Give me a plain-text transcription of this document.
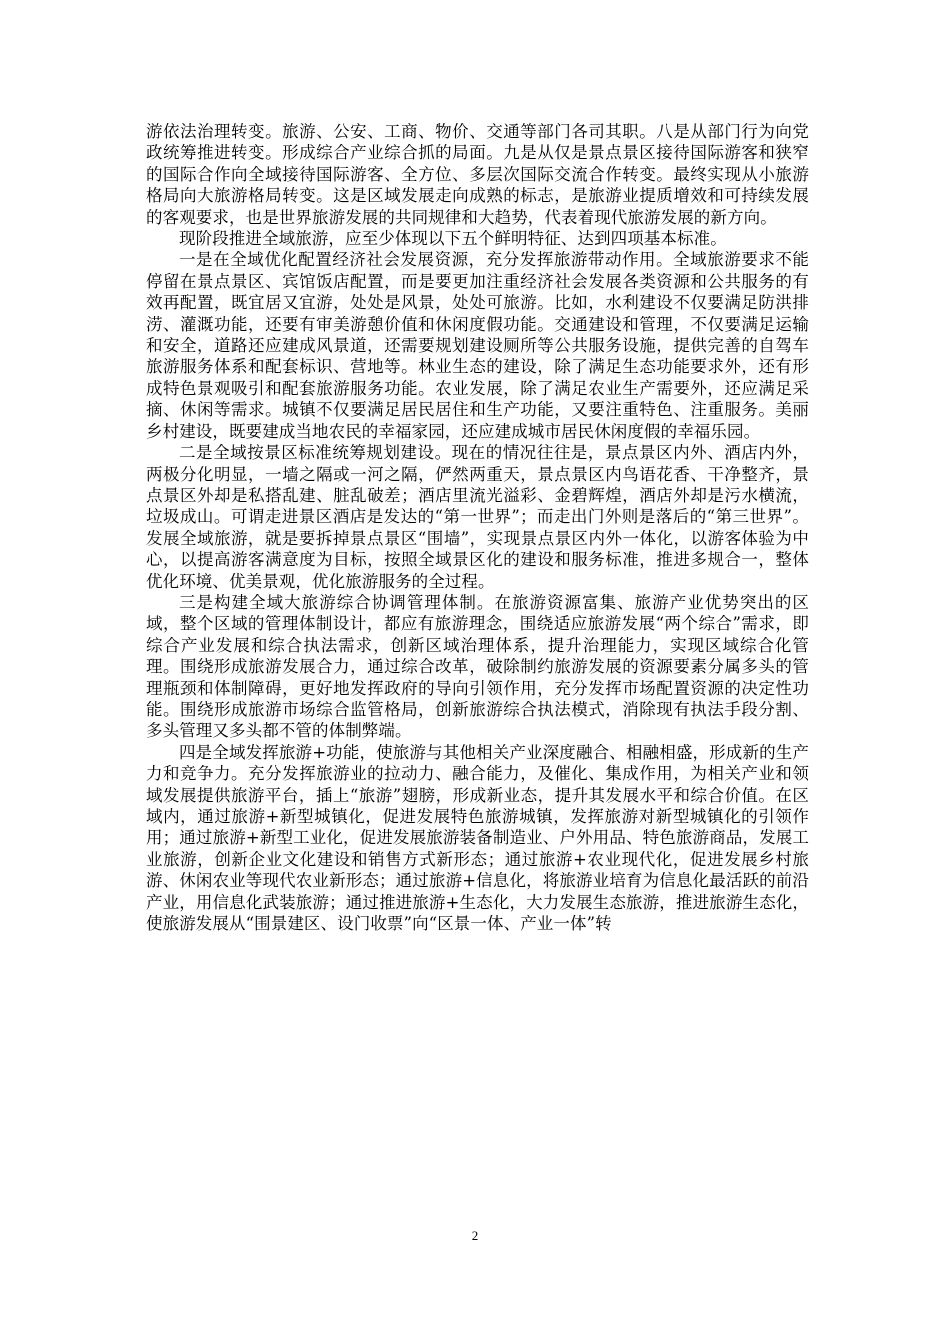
游依法治理转变。旅游、公安、工商、物价、交通等部门各司其职。八是从部门行为向党政统筹推进转变。形成综合产业综合抓的局面。九是从仅是景点景区接待国际游客和狭窄的国际合作向全域接待国际游客、全方位、多层次国际交流合作转变。最终实现从小旅游格局向大旅游格局转变。这是区域发展走向成熟的标志，是旅游业提质增效和可持续发展的客观要求，也是世界旅游发展的共同规律和大趋势，代表着现代旅游发展的新方向。

现阶段推进全域旅游，应至少体现以下五个鲜明特征、达到四项基本标准。

一是在全域优化配置经济社会发展资源，充分发挥旅游带动作用。全域旅游要求不能停留在景点景区、宾馆饭店配置，而是要更加注重经济社会发展各类资源和公共服务的有效再配置，既宜居又宜游，处处是风景，处处可旅游。比如，水利建设不仅要满足防洪排涝、灌溉功能，还要有审美游憩价值和休闲度假功能。交通建设和管理，不仅要满足运输和安全，道路还应建成风景道，还需要规划建设厕所等公共服务设施，提供完善的自驾车旅游服务体系和配套标识、营地等。林业生态的建设，除了满足生态功能要求外，还有形成特色景观吸引和配套旅游服务功能。农业发展，除了满足农业生产需要外，还应满足采摘、休闲等需求。城镇不仅要满足居民居住和生产功能，又要注重特色、注重服务。美丽乡村建设，既要建成当地农民的幸福家园，还应建成城市居民休闲度假的幸福乐园。

二是全域按景区标准统筹规划建设。现在的情况往往是，景点景区内外、酒店内外，两极分化明显，一墙之隔或一河之隔，俨然两重天，景点景区内鸟语花香、干净整齐，景点景区外却是私搭乱建、脏乱破差；酒店里流光溢彩、金碧辉煌，酒店外却是污水横流，垃圾成山。可谓走进景区酒店是发达的“第一世界”；而走出门外则是落后的“第三世界”。发展全域旅游，就是要拆掉景点景区“围墙”，实现景点景区内外一体化，以游客体验为中心，以提高游客满意度为目标，按照全域景区化的建设和服务标准，推进多规合一，整体优化环境、优美景观，优化旅游服务的全过程。

三是构建全域大旅游综合协调管理体制。在旅游资源富集、旅游产业优势突出的区域，整个区域的管理体制设计，都应有旅游理念，围绕适应旅游发展“两个综合”需求，即综合产业发展和综合执法需求，创新区域治理体系，提升治理能力，实现区域综合化管理。围绕形成旅游发展合力，通过综合改革，破除制约旅游发展的资源要素分属多头的管理瓶颈和体制障碍，更好地发挥政府的导向引领作用，充分发挥市场配置资源的决定性功能。围绕形成旅游市场综合监管格局，创新旅游综合执法模式，消除现有执法手段分割、多头管理又多头都不管的体制弊端。

四是全域发挥旅游+功能，使旅游与其他相关产业深度融合、相融相盛，形成新的生产力和竞争力。充分发挥旅游业的拉动力、融合能力，及催化、集成作用，为相关产业和领域发展提供旅游平台，插上“旅游”翅膀，形成新业态，提升其发展水平和综合价值。在区域内，通过旅游+新型城镇化，促进发展特色旅游城镇，发挥旅游对新型城镇化的引领作用；通过旅游+新型工业化，促进发展旅游装备制造业、户外用品、特色旅游商品，发展工业旅游，创新企业文化建设和销售方式新形态；通过旅游+农业现代化，促进发展乡村旅游、休闲农业等现代农业新形态；通过旅游+信息化，将旅游业培育为信息化最活跃的前沿产业，用信息化武装旅游；通过推进旅游+生态化，大力发展生态旅游，推进旅游生态化，使旅游发展从“围景建区、设门收票”向“区景一体、产业一体”转

2
